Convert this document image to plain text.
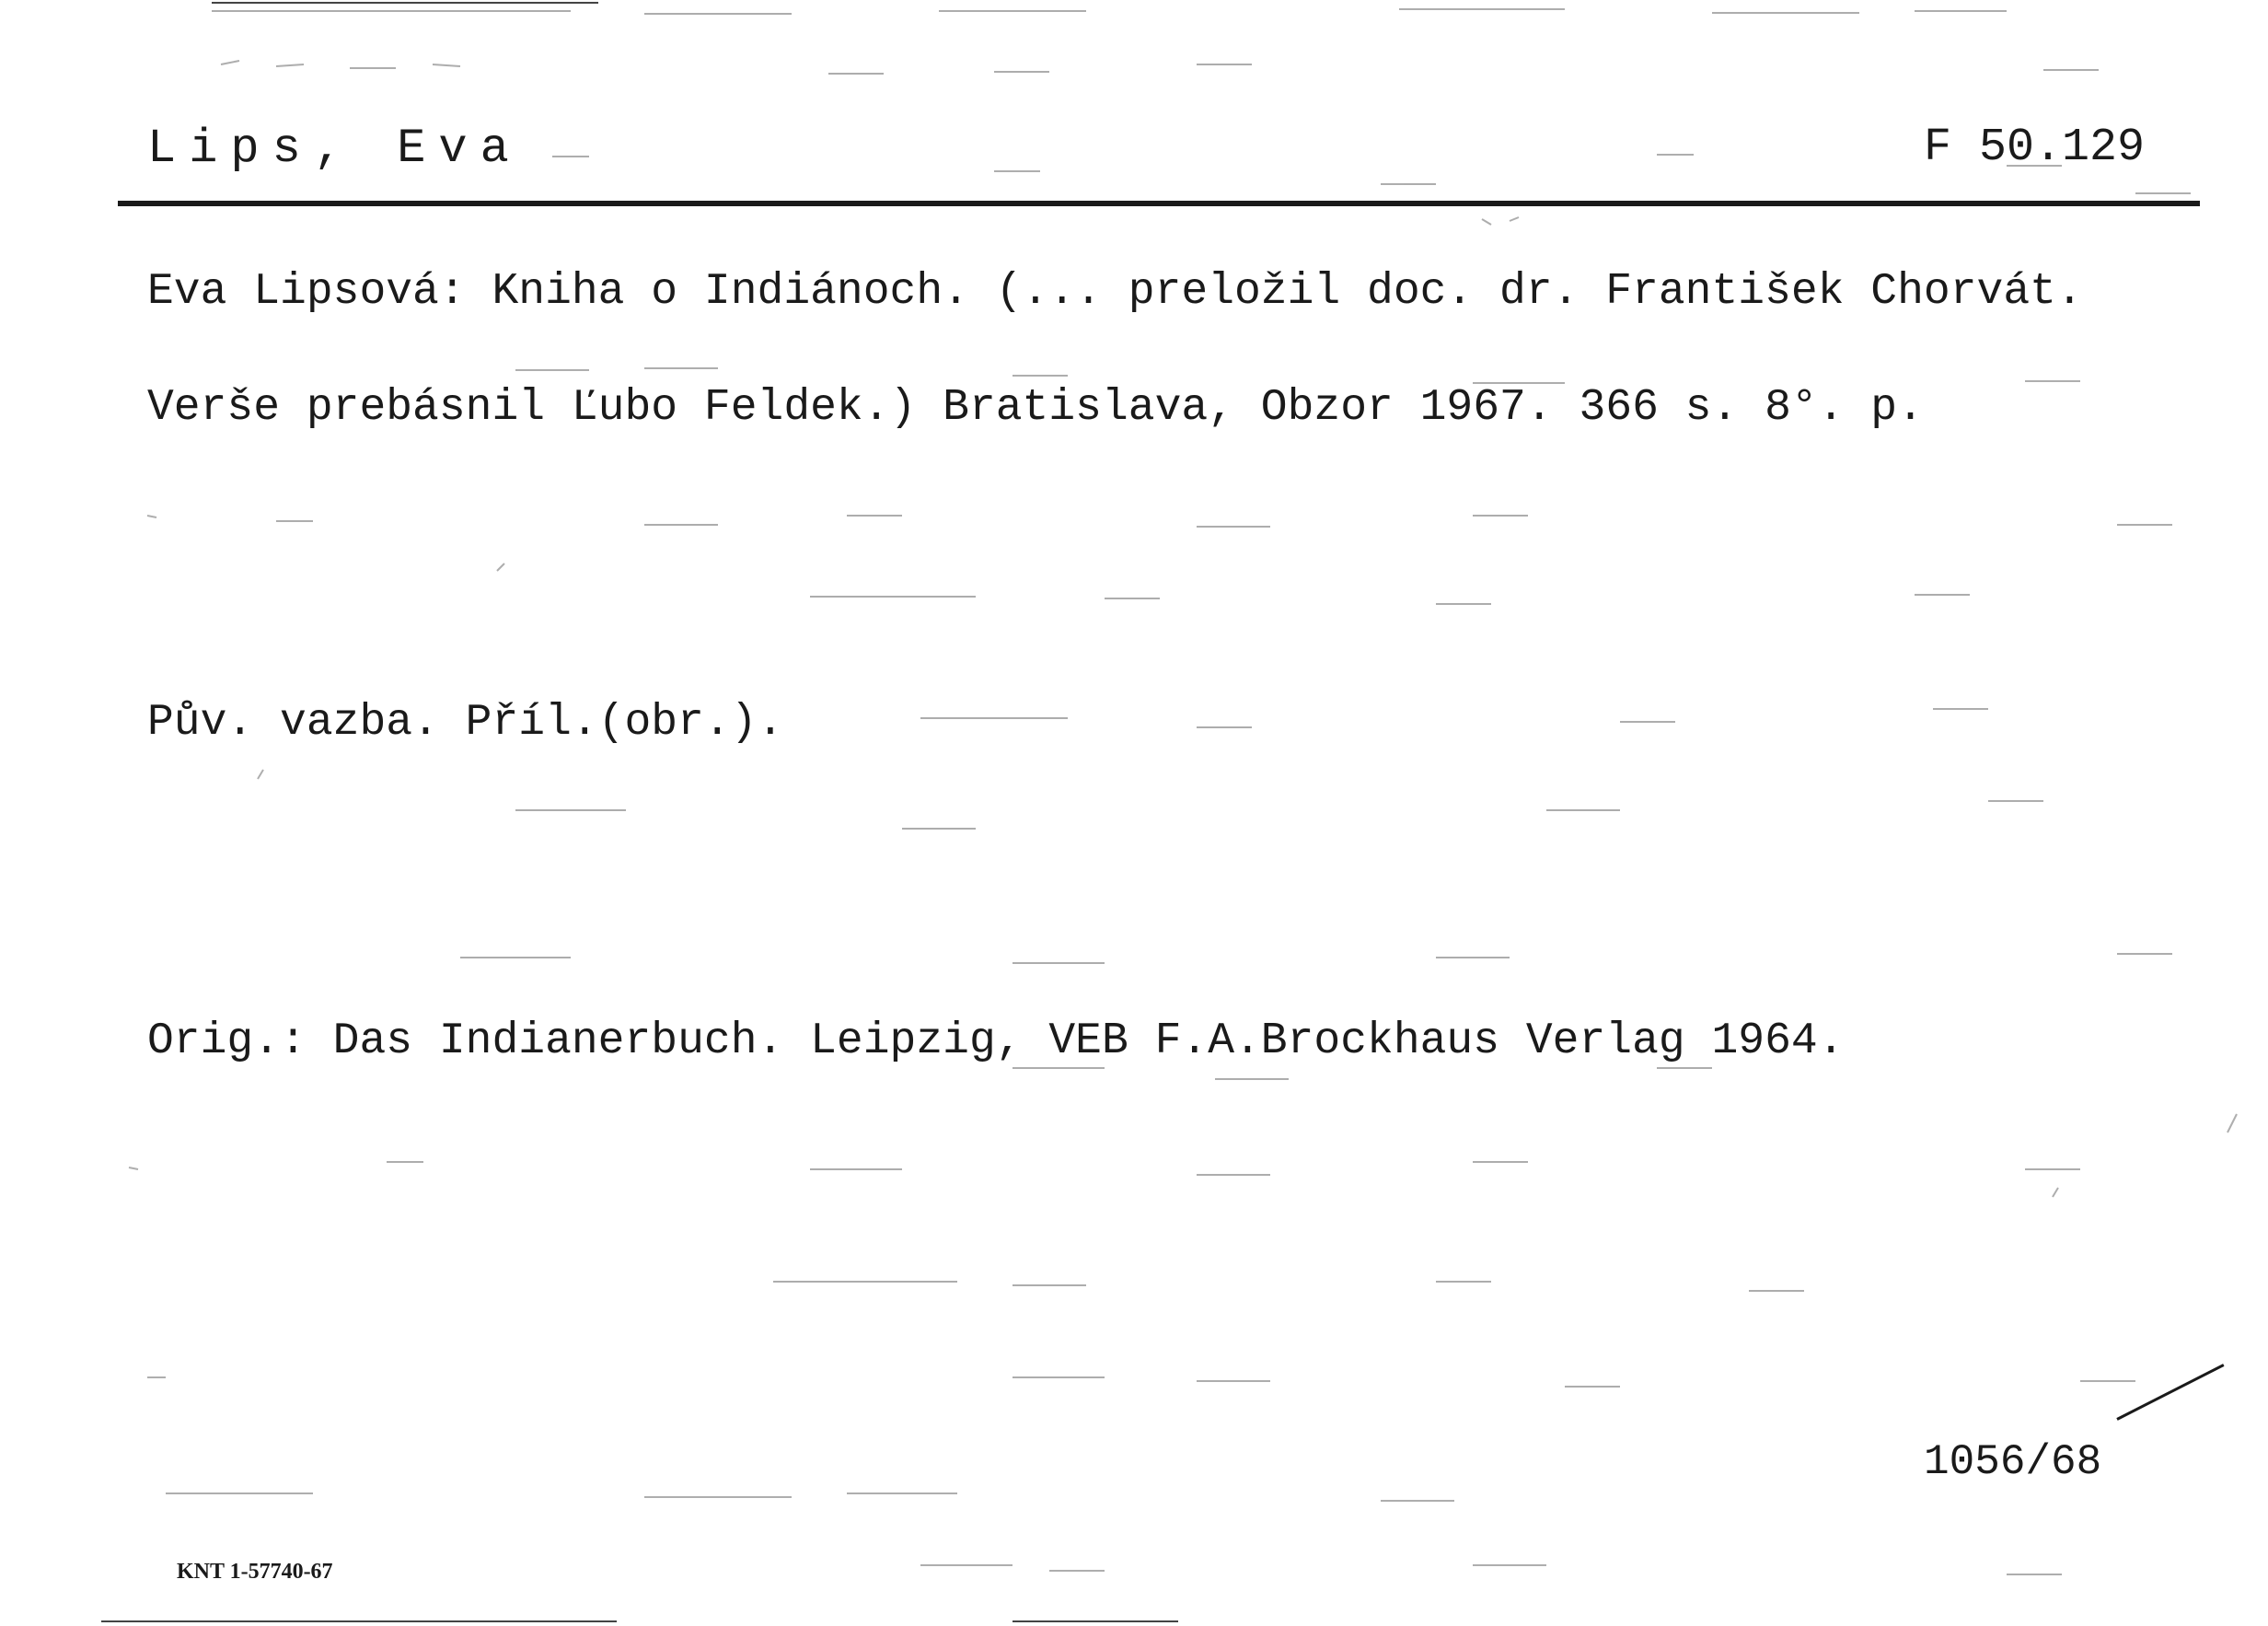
Lips, Eva	F 50.129
Eva Lipsová: Kniha o Indiánoch. (... preložil doc. dr. František Chorvát.
Verše prebásnil Ľubo Feldek.) Bratislava, Obzor 1967. 366 s. 8°. p.
Pův. vazba. Příl.(obr.).
Orig.: Das Indianerbuch. Leipzig, VEB F.A.Brockhaus Verlag 1964.
1056/68
KNT 1-57740-67
